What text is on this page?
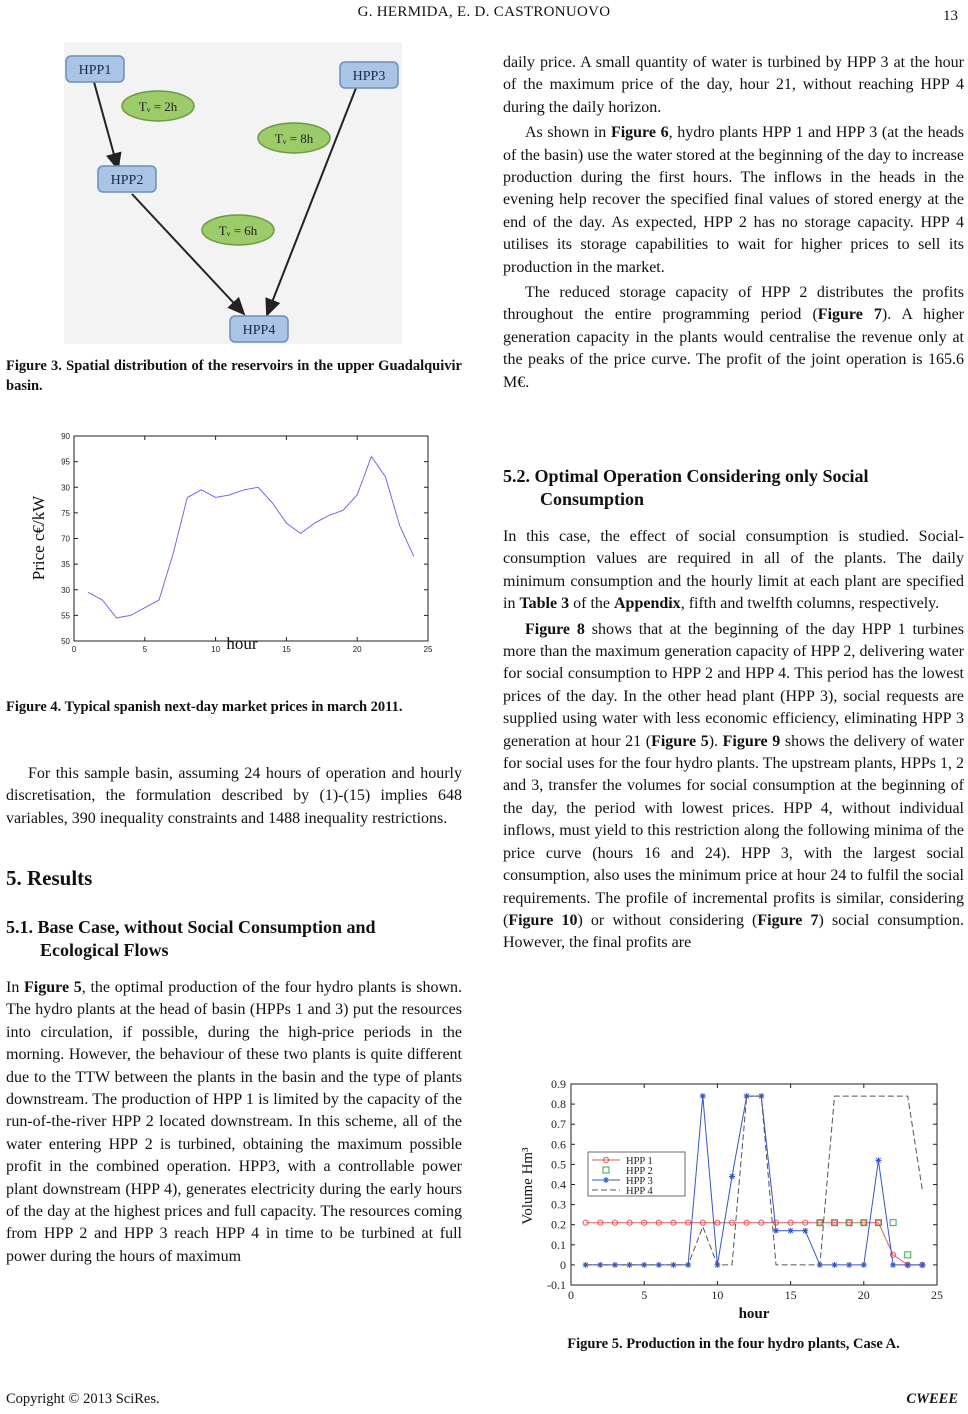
G. HERMIDA, E. D. CASTRONUOVO	13
HPP1
HPP2
HPP3
HPP4
Tᵥ = 2h
Tᵥ = 8h
Tᵥ = 6h
Figure 3. Spatial distribution of the reservoirs in the upper Guadalquivir basin.
Price c€/kW
50
55
30
35
70
75
30
95
90
0	5	10	15	20	25
hour
Figure 4. Typical spanish next-day market prices in march 2011.

For this sample basin, assuming 24 hours of operation and hourly discretisation, the formulation described by (1)-(15) implies 648 variables, 390 inequality constraints and 1488 inequality restrictions.

5. Results
5.1. Base Case, without Social Consumption and
Ecological Flows

In Figure 5, the optimal production of the four hydro plants is shown. The hydro plants at the head of basin (HPPs 1 and 3) put the resources into circulation, if possible, during the high-price periods in the morning. However, the behaviour of these two plants is quite different due to the TTW between the plants in the basin and the type of plants downstream. The production of HPP 1 is limited by the capacity of the run-of-the-river HPP 2 located downstream. In this scheme, all of the water entering HPP 2 is turbined, obtaining the maximum possible profit in the combined operation. HPP3, with a controllable power plant downstream (HPP 4), generates electricity during the early hours of the day at the highest prices and full capacity. The resources coming from HPP 2 and HPP 3 reach HPP 4 in time to be turbined at full power during the hours of maximum

daily price. A small quantity of water is turbined by HPP 3 at the hour of the maximum price of the day, hour 21, without reaching HPP 4 during the daily horizon.

As shown in Figure 6, hydro plants HPP 1 and HPP 3 (at the heads of the basin) use the water stored at the beginning of the day to increase production during the first hours. The inflows in the heads in the evening help recover the specified final values of stored energy at the end of the day. As expected, HPP 2 has no storage capacity. HPP 4 utilises its storage capabilities to wait for higher prices to sell its production in the market.

The reduced storage capacity of HPP 2 distributes the profits throughout the entire programming period (Figure 7). A higher generation capacity in the plants would centralise the revenue only at the peaks of the price curve. The profit of the joint operation is 165.6 M€.

5.2. Optimal Operation Considering only Social
Consumption

In this case, the effect of social consumption is studied. Social-consumption values are required in all of the plants. The daily minimum consumption and the hourly limit at each plant are specified in Table 3 of the Appendix, fifth and twelfth columns, respectively.

Figure 8 shows that at the beginning of the day HPP 1 turbines more than the maximum generation capacity of HPP 2, delivering water for social consumption to HPP 2 and HPP 4. This period has the lowest prices of the day. In the other head plant (HPP 3), social requests are supplied using water with less economic efficiency, eliminating HPP 3 generation at hour 21 (Figure 5). Figure 9 shows the delivery of water for social uses for the four hydro plants. The upstream plants, HPPs 1, 2 and 3, transfer the volumes for social consumption at the beginning of the day, the period with lowest prices. HPP 4, without individual inflows, must yield to this restriction along the following minima of the price curve (hours 16 and 24). HPP 3, with the largest social consumption, also uses the minimum price at hour 24 to fulfil the social requirements. The profile of incremental profits is similar, considering (Figure 10) or without considering (Figure 7) social consumption. However, the final profits are

Volume Hm³
hour
-0.1
0
0.1
0.2
0.3
0.4
0.5
0.6
0.7
0.8
0.9
0	5	10	15	20	25
HPP 1
HPP 2
HPP 3
HPP 4
Figure 5. Production in the four hydro plants, Case A.
Copyright © 2013 SciRes.	CWEEE
